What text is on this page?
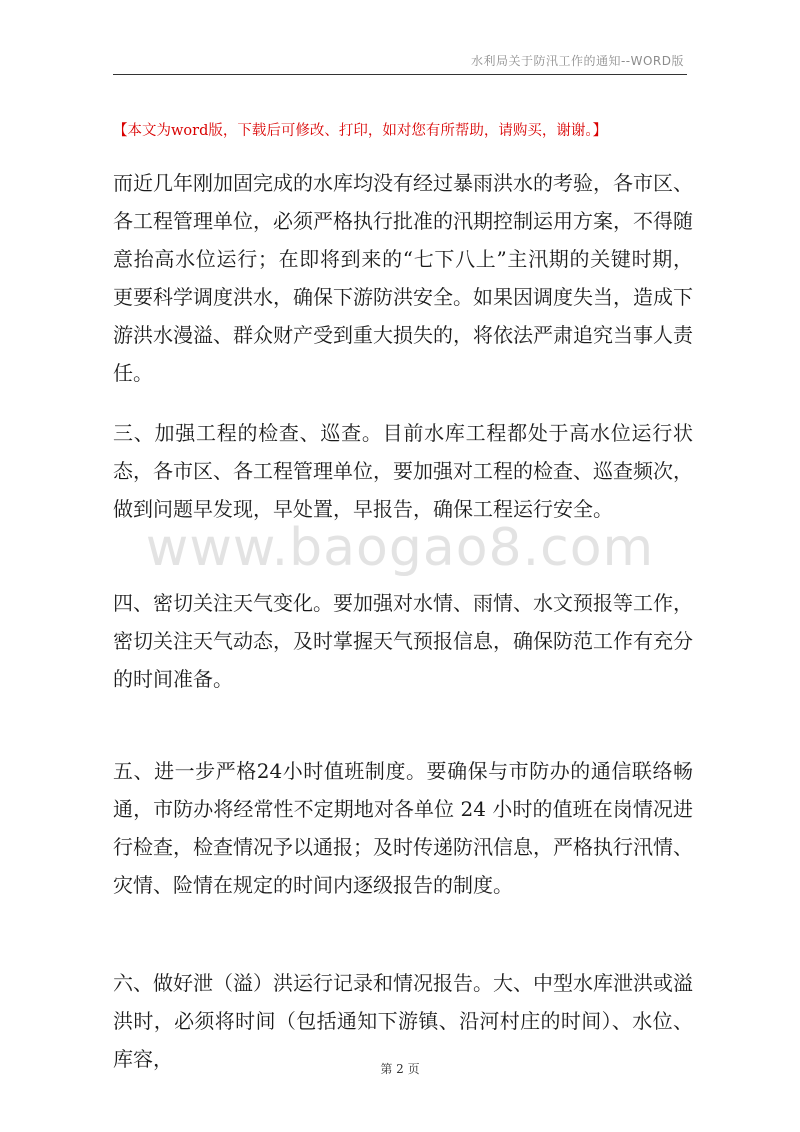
水利局关于防汛工作的通知--WORD版
【本文为word版，下载后可修改、打印，如对您有所帮助，请购买，谢谢。】
而近几年刚加固完成的水库均没有经过暴雨洪水的考验，各市区、各工程管理单位，必须严格执行批准的汛期控制运用方案，不得随意抬高水位运行；在即将到来的“七下八上”主汛期的关键时期，更要科学调度洪水，确保下游防洪安全。如果因调度失当，造成下游洪水漫溢、群众财产受到重大损失的，将依法严肃追究当事人责任。
三、加强工程的检查、巡查。目前水库工程都处于高水位运行状态，各市区、各工程管理单位，要加强对工程的检查、巡查频次，做到问题早发现，早处置，早报告，确保工程运行安全。
四、密切关注天气变化。要加强对水情、雨情、水文预报等工作，密切关注天气动态，及时掌握天气预报信息，确保防范工作有充分的时间准备。
www.baogao8.com
五、进一步严格24小时值班制度。要确保与市防办的通信联络畅通，市防办将经常性不定期地对各单位 24 小时的值班在岗情况进行检查，检查情况予以通报；及时传递防汛信息，严格执行汛情、灾情、险情在规定的时间内逐级报告的制度。
六、做好泄（溢）洪运行记录和情况报告。大、中型水库泄洪或溢洪时，必须将时间（包括通知下游镇、沿河村庄的时间）、水位、库容，	第 2 页
